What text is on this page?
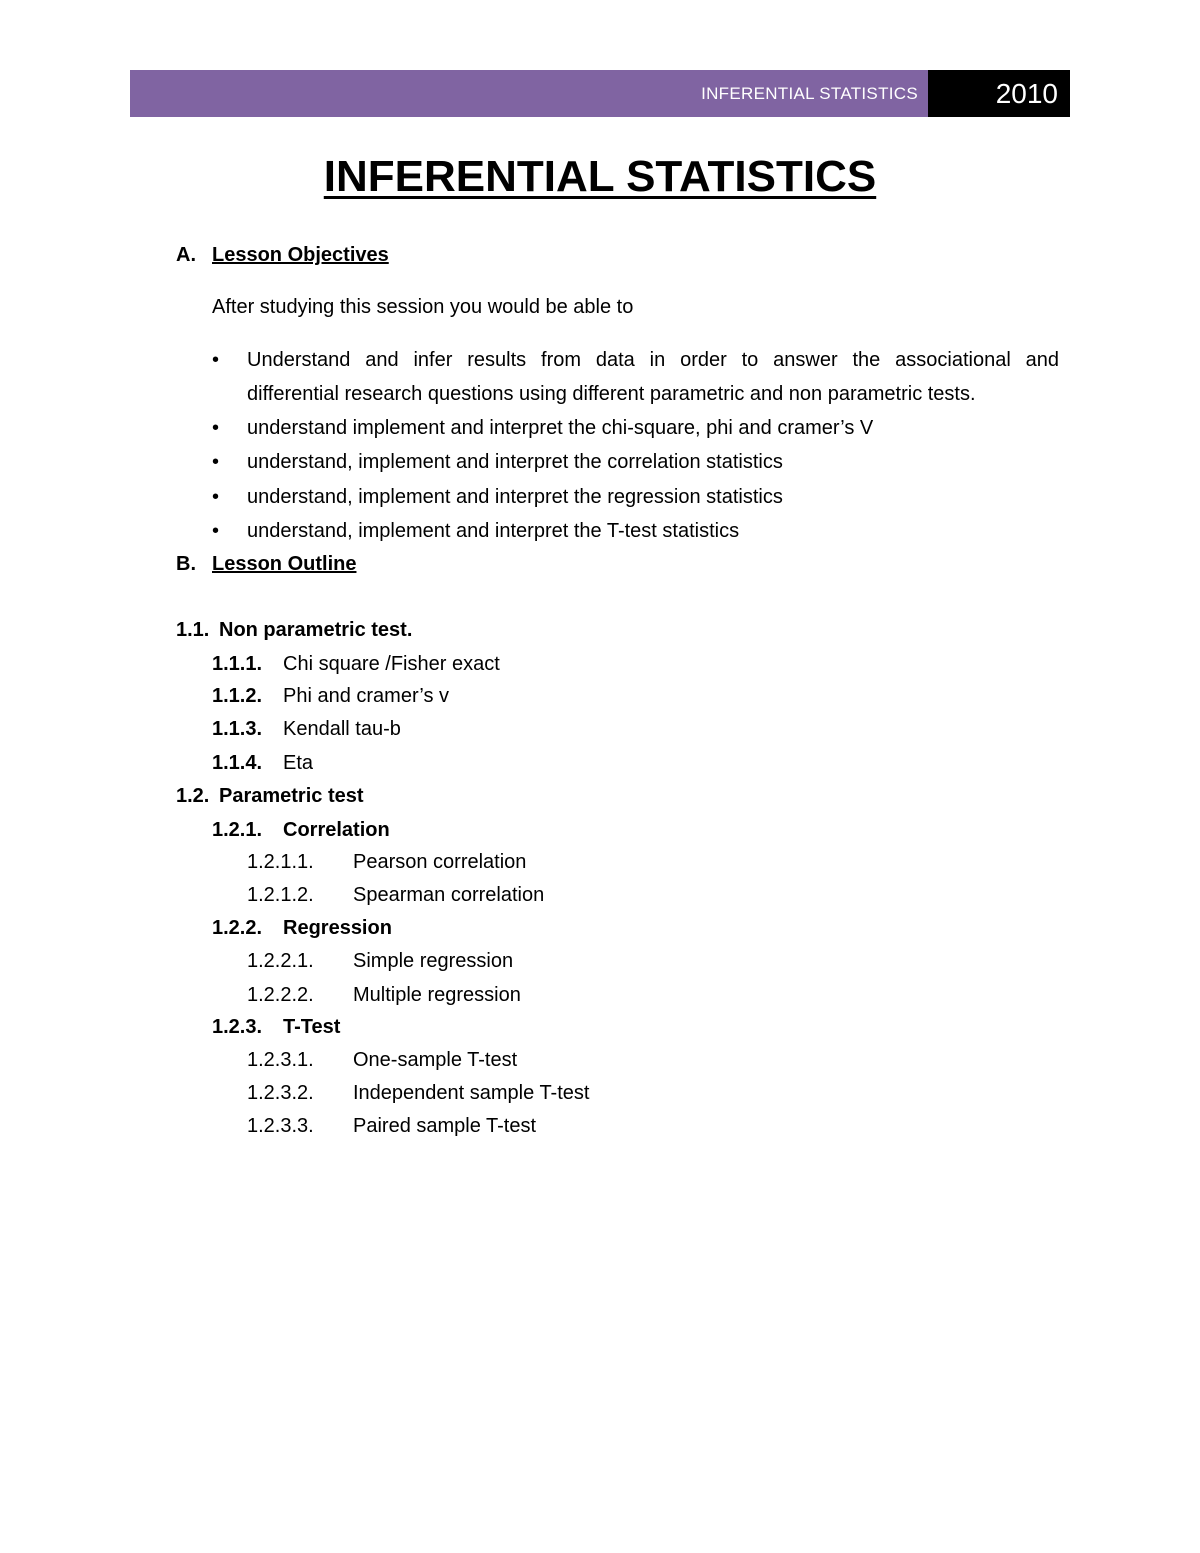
INFERENTIAL STATISTICS	2010
INFERENTIAL STATISTICS
A. Lesson Objectives
After studying this session you would be able to
• Understand and infer results from data in order to answer the associational and
differential research questions using different parametric and non parametric tests.
• understand implement and interpret the chi-square, phi and cramer’s V
• understand, implement and interpret the correlation statistics
• understand, implement and interpret the regression statistics
• understand, implement and interpret the T-test statistics
B. Lesson Outline
1.1. Non parametric test.
1.1.1. Chi square /Fisher exact
1.1.2. Phi and cramer’s v
1.1.3. Kendall tau-b
1.1.4. Eta
1.2. Parametric test
1.2.1. Correlation
1.2.1.1. Pearson correlation
1.2.1.2. Spearman correlation
1.2.2. Regression
1.2.2.1. Simple regression
1.2.2.2. Multiple regression
1.2.3. T-Test
1.2.3.1. One-sample T-test
1.2.3.2. Independent sample T-test
1.2.3.3. Paired sample T-test
